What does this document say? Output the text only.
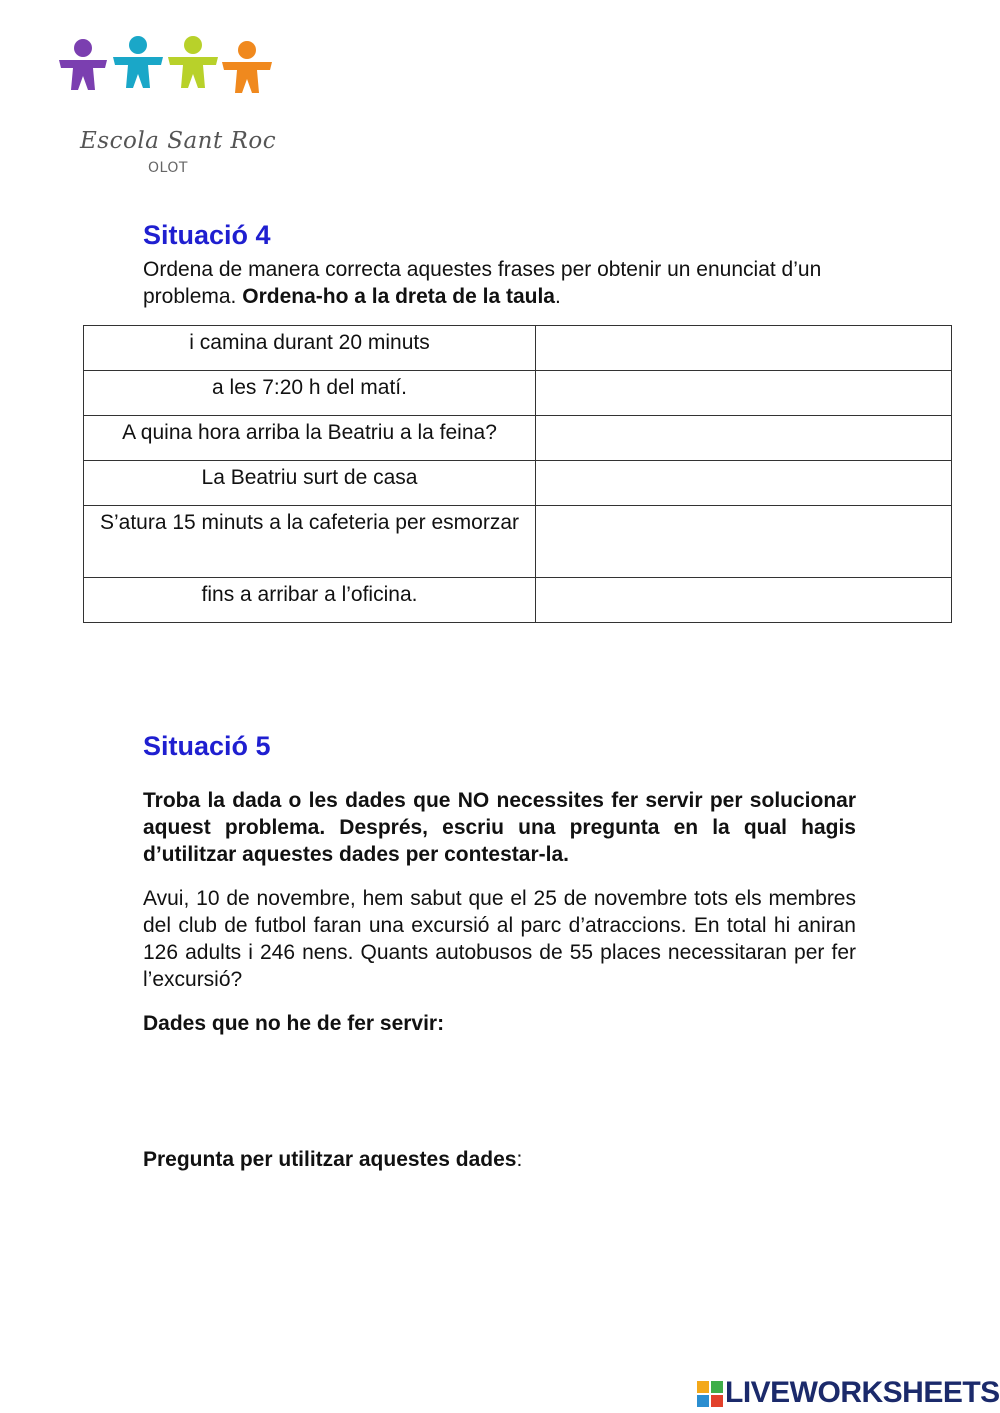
Escola Sant Roc
OLOT
Situació 4

Ordena de manera correcta aquestes frases per obtenir un enunciat d’un problema. Ordena-ho a la dreta de la taula.

i camina durant 20 minuts	
a les 7:20 h del matí.	
A quina hora arriba la Beatriu a la feina?	
La Beatriu surt de casa	
S’atura 15 minuts a la cafeteria per esmorzar	
fins a arribar a l’oficina.	
Situació 5

Troba la dada o les dades que NO necessites fer servir per solucionar aquest problema. Després, escriu una pregunta en la qual hagis d’utilitzar aquestes dades per contestar-la.

Avui, 10 de novembre, hem sabut que el 25 de novembre tots els membres del club de futbol faran una excursió al parc d’atraccions. En total hi aniran 126 adults i 246 nens. Quants autobusos de 55 places necessitaran per fer l’excursió?

Dades que no he de fer servir:

Pregunta per utilitzar aquestes dades:

LIVEWORKSHEETS
